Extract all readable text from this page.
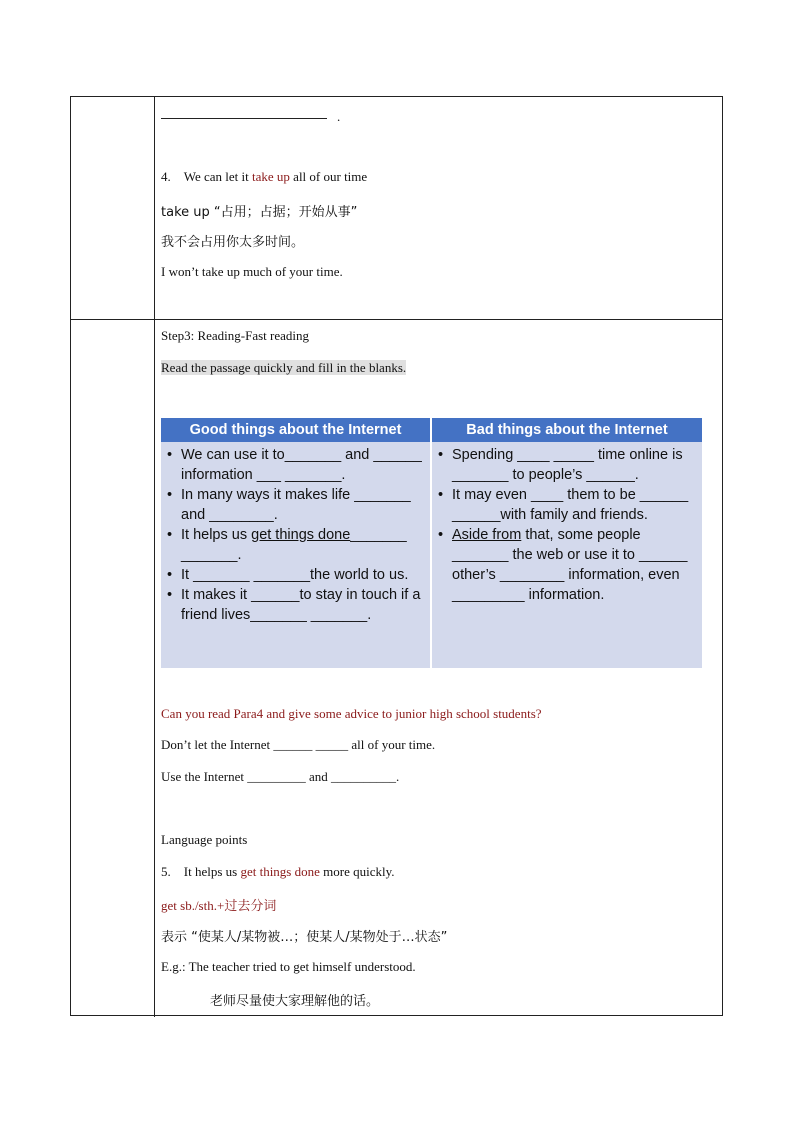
.
4. We can let it take up all of our time
take up “占用；占据；开始从事”
我不会占用你太多时间。
I won’t take up much of your time.
Step3: Reading-Fast reading
Read the passage quickly and fill in the blanks.
Good things about the Internet	Bad things about the Internet
• We can use it to_______ and ______ information ___ _______.
• In many ways it makes life _______ and ________.
• It helps us get things done_______ _______.
• It _______ _______the world to us.
• It makes it ______to stay in touch if a friend lives_______ _______.
• Spending ____ _____ time online is _______ to people’s ______.
• It may even ____ them to be ______ ______with family and friends.
• Aside from that, some people _______ the web or use it to ______ other’s ________ information, even _________ information.
Can you read Para4 and give some advice to junior high school students?
Don’t let the Internet ______ _____ all of your time.
Use the Internet _________ and __________.
Language points
5. It helps us get things done more quickly.
get sb./sth.+过去分词
表示 “使某人/某物被…；使某人/某物处于…状态”
E.g.: The teacher tried to get himself understood.
老师尽量使大家理解他的话。
